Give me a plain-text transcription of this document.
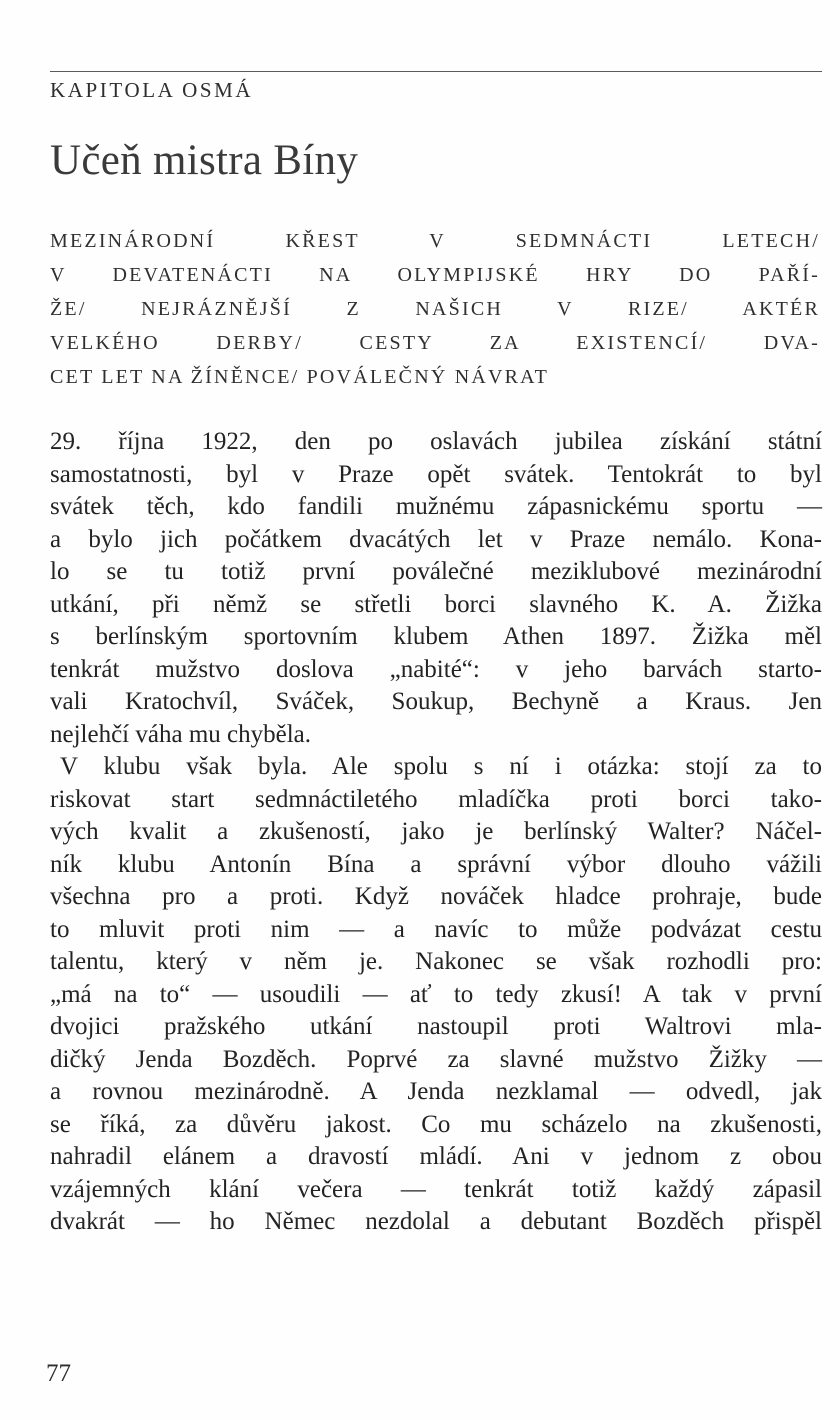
KAPITOLA OSMÁ
Učeň mistra Bíny
MEZINÁRODNÍ KŘEST V SEDMNÁCTI LETECH/
V DEVATENÁCTI NA OLYMPIJSKÉ HRY DO PAŘÍ-
ŽE/ NEJRÁZNĚJŠÍ Z NAŠICH V RIZE/ AKTÉR
VELKÉHO DERBY/ CESTY ZA EXISTENCÍ/ DVA-
CET LET NA ŽÍNĚNCE/ POVÁLEČNÝ NÁVRAT
29. října 1922, den po oslavách jubilea získání státní
samostatnosti, byl v Praze opět svátek. Tentokrát to byl
svátek těch, kdo fandili mužnému zápasnickému sportu —
a bylo jich počátkem dvacátých let v Praze nemálo. Kona-
lo se tu totiž první poválečné meziklubové mezinárodní
utkání, při němž se střetli borci slavného K. A. Žižka
s berlínským sportovním klubem Athen 1897. Žižka měl
tenkrát mužstvo doslova „nabité“: v jeho barvách starto-
vali Kratochvíl, Sváček, Soukup, Bechyně a Kraus. Jen
nejlehčí váha mu chyběla.
V klubu však byla. Ale spolu s ní i otázka: stojí za to
riskovat start sedmnáctiletého mladíčka proti borci tako-
vých kvalit a zkušeností, jako je berlínský Walter? Náčel-
ník klubu Antonín Bína a správní výbor dlouho vážili
všechna pro a proti. Když nováček hladce prohraje, bude
to mluvit proti nim — a navíc to může podvázat cestu
talentu, který v něm je. Nakonec se však rozhodli pro:
„má na to“ — usoudili — ať to tedy zkusí! A tak v první
dvojici pražského utkání nastoupil proti Waltrovi mla-
dičký Jenda Bozděch. Poprvé za slavné mužstvo Žižky —
a rovnou mezinárodně. A Jenda nezklamal — odvedl, jak
se říká, za důvěru jakost. Co mu scházelo na zkušenosti,
nahradil elánem a dravostí mládí. Ani v jednom z obou
vzájemných klání večera — tenkrát totiž každý zápasil
dvakrát — ho Němec nezdolal a debutant Bozděch přispěl
77
